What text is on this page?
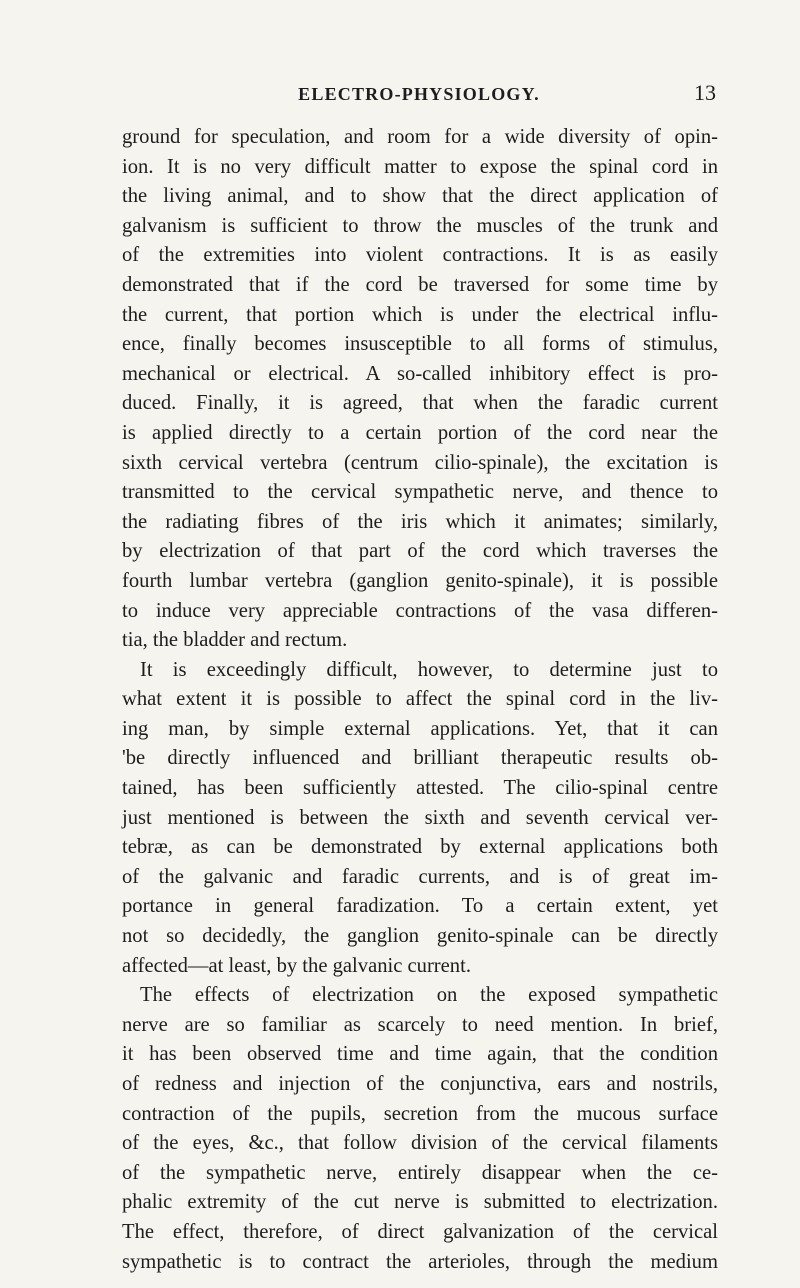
ELECTRO-PHYSIOLOGY.	13
ground for speculation, and room for a wide diversity of opin-
ion. It is no very difficult matter to expose the spinal cord in
the living animal, and to show that the direct application of
galvanism is sufficient to throw the muscles of the trunk and
of the extremities into violent contractions. It is as easily
demonstrated that if the cord be traversed for some time by
the current, that portion which is under the electrical influ-
ence, finally becomes insusceptible to all forms of stimulus,
mechanical or electrical. A so-called inhibitory effect is pro-
duced. Finally, it is agreed, that when the faradic current
is applied directly to a certain portion of the cord near the
sixth cervical vertebra (centrum cilio-spinale), the excitation is
transmitted to the cervical sympathetic nerve, and thence to
the radiating fibres of the iris which it animates; similarly,
by electrization of that part of the cord which traverses the
fourth lumbar vertebra (ganglion genito-spinale), it is possible
to induce very appreciable contractions of the vasa differen-
tia, the bladder and rectum.
It is exceedingly difficult, however, to determine just to
what extent it is possible to affect the spinal cord in the liv-
ing man, by simple external applications. Yet, that it can
'be directly influenced and brilliant therapeutic results ob-
tained, has been sufficiently attested. The cilio-spinal centre
just mentioned is between the sixth and seventh cervical ver-
tebræ, as can be demonstrated by external applications both
of the galvanic and faradic currents, and is of great im-
portance in general faradization. To a certain extent, yet
not so decidedly, the ganglion genito-spinale can be directly
affected—at least, by the galvanic current.
The effects of electrization on the exposed sympathetic
nerve are so familiar as scarcely to need mention. In brief,
it has been observed time and time again, that the condition
of redness and injection of the conjunctiva, ears and nostrils,
contraction of the pupils, secretion from the mucous surface
of the eyes, &c., that follow division of the cervical filaments
of the sympathetic nerve, entirely disappear when the ce-
phalic extremity of the cut nerve is submitted to electrization.
The effect, therefore, of direct galvanization of the cervical
sympathetic is to contract the arterioles, through the medium
